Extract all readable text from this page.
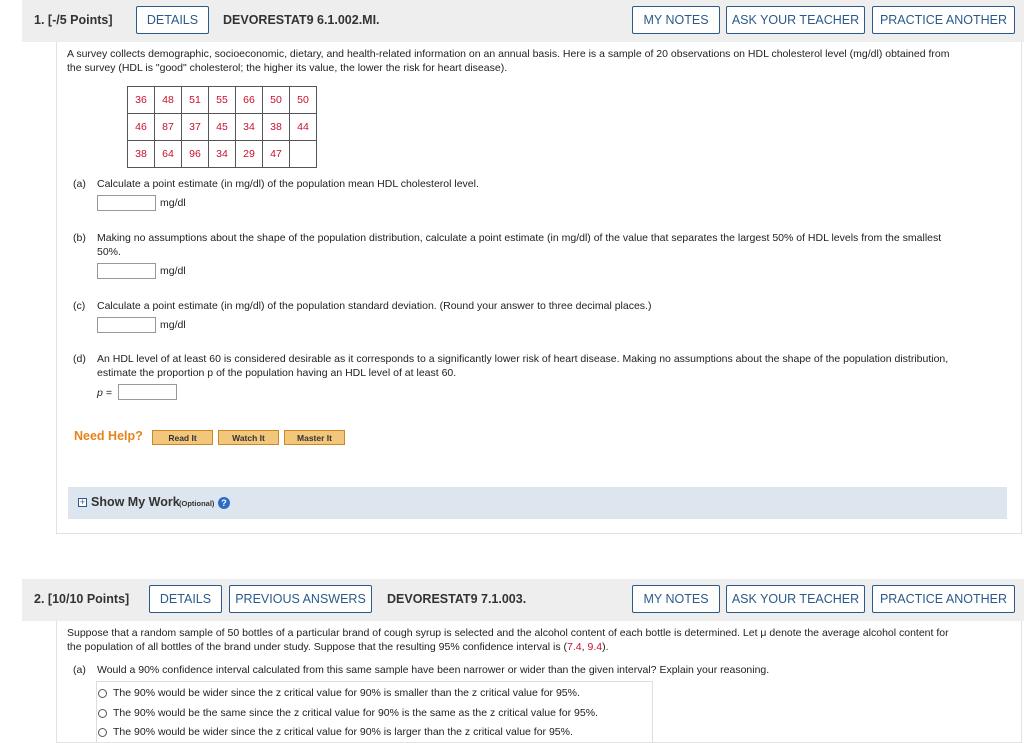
1. [-/5 Points]	DETAILS	DEVORESTAT9 6.1.002.MI.	MY NOTES	ASK YOUR TEACHER	PRACTICE ANOTHER
A survey collects demographic, socioeconomic, dietary, and health-related information on an annual basis. Here is a sample of 20 observations on HDL cholesterol level (mg/dl) obtained from
the survey (HDL is "good" cholesterol; the higher its value, the lower the risk for heart disease).
36	48	51	55	66	50	50
46	87	37	45	34	38	44
38	64	96	34	29	47	
(a) Calculate a point estimate (in mg/dl) of the population mean HDL cholesterol level.
mg/dl
(b) Making no assumptions about the shape of the population distribution, calculate a point estimate (in mg/dl) of the value that separates the largest 50% of HDL levels from the smallest
50%.
mg/dl
(c) Calculate a point estimate (in mg/dl) of the population standard deviation. (Round your answer to three decimal places.)
mg/dl
(d) An HDL level of at least 60 is considered desirable as it corresponds to a significantly lower risk of heart disease. Making no assumptions about the shape of the population distribution,
estimate the proportion p of the population having an HDL level of at least 60.
p =
Need Help?	Read It	Watch It	Master It
+ Show My Work (Optional) ?
2. [10/10 Points]	DETAILS	PREVIOUS ANSWERS	DEVORESTAT9 7.1.003.	MY NOTES	ASK YOUR TEACHER	PRACTICE ANOTHER
Suppose that a random sample of 50 bottles of a particular brand of cough syrup is selected and the alcohol content of each bottle is determined. Let μ denote the average alcohol content for
the population of all bottles of the brand under study. Suppose that the resulting 95% confidence interval is (7.4, 9.4).
(a) Would a 90% confidence interval calculated from this same sample have been narrower or wider than the given interval? Explain your reasoning.
The 90% would be wider since the z critical value for 90% is smaller than the z critical value for 95%.
The 90% would be the same since the z critical value for 90% is the same as the z critical value for 95%.
The 90% would be wider since the z critical value for 90% is larger than the z critical value for 95%.
